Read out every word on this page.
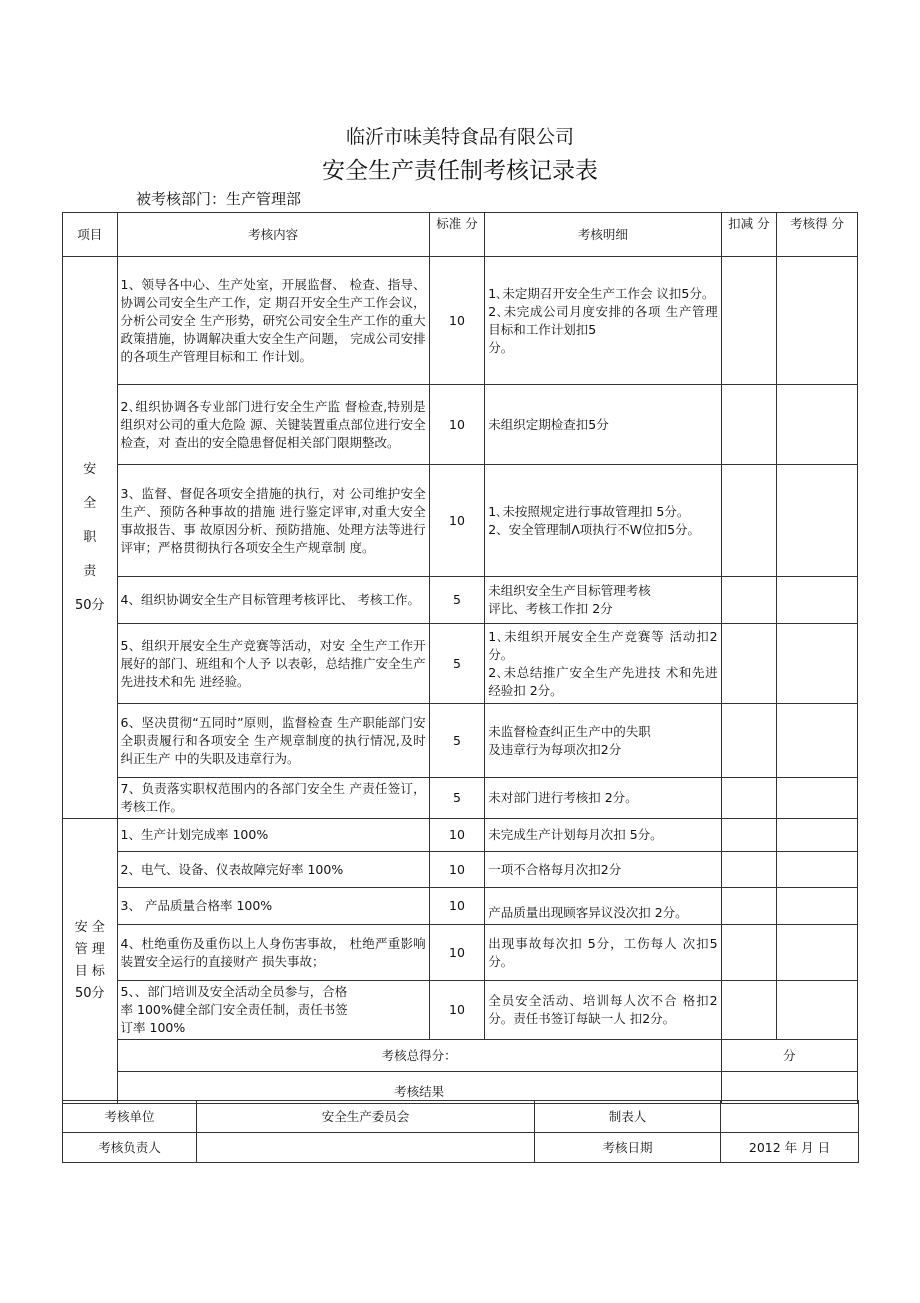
临沂市味美特食品有限公司
安全生产责任制考核记录表
被考核部门：生产管理部
项目	考核内容	标准 分	考核明细	扣减 分	考核得 分

安
全
职
责
50分	1、领导各中心、生产处室，开展监督、 检查、指导、协调公司安全生产工作，定 期召开安全生产工作会议，分析公司安全 生产形势，研究公司安全生产工作的重大 政策措施，协调解决重大安全生产问题， 完成公司安排的各项生产管理目标和工 作计划。	10	1､未定期召开安全生产工作会 议扣5分。
2､未完成公司月度安排的各项 生产管理目标和工作计划扣5
分。		
	2､组织协调各专业部门进行安全生产监 督检查,特别是组织对公司的重大危险 源、关键装置重点部位进行安全检查，对 查出的安全隐患督促相关部门限期整改。	10	未组织定期检查扣5分		
	3、监督、督促各项安全措施的执行，对 公司维护安全生产、预防各种事故的措施 进行鉴定评审,对重大安全事故报告、事 故原因分析、预防措施、处理方法等进行 评审；严格贯彻执行各项安全生产规章制 度。	10	1､未按照规定进行事故管理扣 5分。
2、安全管理制Λ项执行不W位扣5分。		
	4、组织协调安全生产目标管理考核评比、 考核工作。	5	未组织安全生产目标管理考核
评比、考核工作扣 2分		
	5、组织开展安全生产竞赛等活动，对安 全生产工作开展好的部门、班组和个人予 以表彰，总结推广安全生产先进技术和先 进经验。	5	1､未组织开展安全生产竞赛等 活动扣2分。
2､未总结推广安全生产先进技 术和先进经验扣 2分。		
	6、坚决贯彻“五同时”原则，监督检查 生产职能部门安全职责履行和各项安全 生产规章制度的执行情况,及时纠正生产 中的失职及违章行为。	5	未监督检查纠正生产中的失职
及违章行为每项次扣2分		
	7、负责落实职权范围内的各部门安全生 产责任签订，考核工作。	5	未对部门进行考核扣 2分。		

安 全
管 理
目 标
50分	1、生产计划完成率 100%	10	未完成生产计划每月次扣 5分。		
	2、电气、设备、仪表故障完好率 100%	10	一项不合格每月次扣2分		
	3、 产品质量合格率 100%	10	产品质量出现顾客异议没次扣 2分。		
	4、杜绝重伤及重伤以上人身伤害事故， 杜绝严重影响装置安全运行的直接财产 损失事故；	10	出现事故每次扣 5分，工伤每人 次扣5分。		
	5、、部门培训及安全活动全员参与，合格
率 100%健全部门安全责任制，责任书签
订率 100%	10	全员安全活动、培训每人次不合 格扣2分。责任书签订每缺一人 扣2分。		
	考核总得分：			分	
	考核结果				
考核单位	安全生产委员会	制表人	
考核负责人		考核日期	2012 年 月 日
